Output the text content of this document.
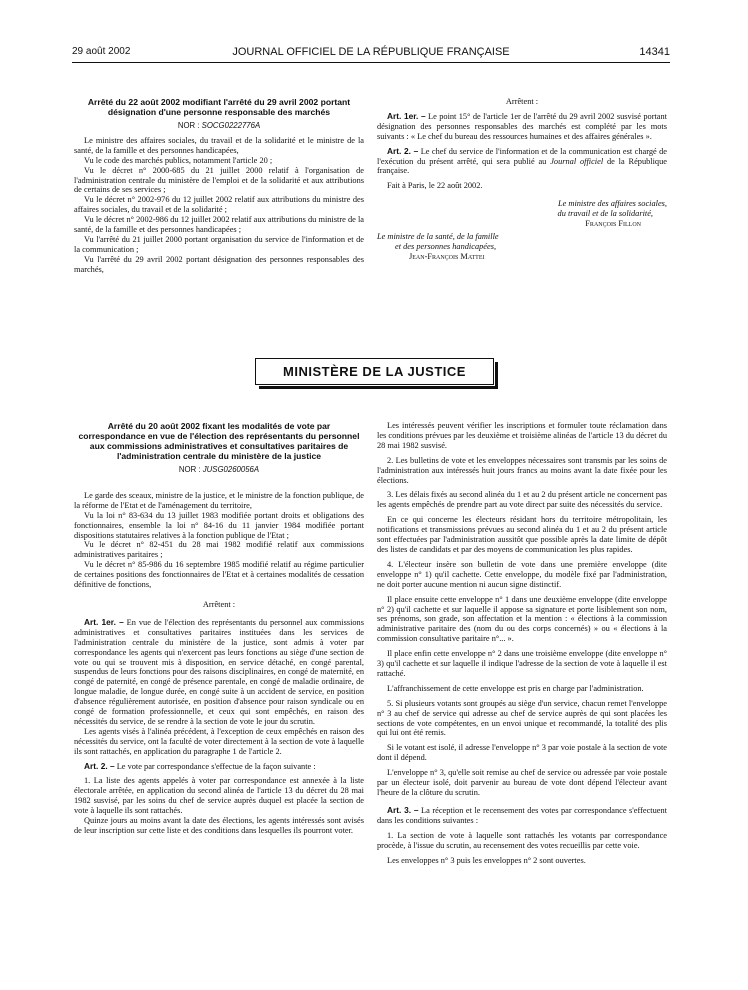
29 août 2002	JOURNAL OFFICIEL DE LA RÉPUBLIQUE FRANÇAISE	14341

Arrêté du 22 août 2002 modifiant l'arrêté du 29 avril 2002 portant désignation d'une personne responsable des marchés

NOR : SOCG0222776A

Le ministre des affaires sociales, du travail et de la solidarité et le ministre de la santé, de la famille et des personnes handicapées,

Vu le code des marchés publics, notamment l'article 20 ;

Vu le décret n° 2000-685 du 21 juillet 2000 relatif à l'organisation de l'administration centrale du ministère de l'emploi et de la solidarité et aux attributions de certains de ses services ;

Vu le décret n° 2002-976 du 12 juillet 2002 relatif aux attributions du ministre des affaires sociales, du travail et de la solidarité ;

Vu le décret n° 2002-986 du 12 juillet 2002 relatif aux attributions du ministre de la santé, de la famille et des personnes handicapées ;

Vu l'arrêté du 21 juillet 2000 portant organisation du service de l'information et de la communication ;

Vu l'arrêté du 29 avril 2002 portant désignation des personnes responsables des marchés,

Arrêtent :

Art. 1er. – Le point 15° de l'article 1er de l'arrêté du 29 avril 2002 susvisé portant désignation des personnes responsables des marchés est complété par les mots suivants : « Le chef du bureau des ressources humaines et des affaires générales ».

Art. 2. – Le chef du service de l'information et de la communication est chargé de l'exécution du présent arrêté, qui sera publié au Journal officiel de la République française.

Fait à Paris, le 22 août 2002.

Le ministre des affaires sociales,

du travail et de la solidarité,

François Fillon

Le ministre de la santé, de la famille

et des personnes handicapées,

Jean-François Mattei

MINISTÈRE DE LA JUSTICE

Arrêté du 20 août 2002 fixant les modalités de vote par correspondance en vue de l'élection des représentants du personnel aux commissions administratives et consultatives paritaires de l'administration centrale du ministère de la justice

NOR : JUSG0260056A

Le garde des sceaux, ministre de la justice, et le ministre de la fonction publique, de la réforme de l'Etat et de l'aménagement du territoire,

Vu la loi n° 83-634 du 13 juillet 1983 modifiée portant droits et obligations des fonctionnaires, ensemble la loi n° 84-16 du 11 janvier 1984 modifiée portant dispositions statutaires relatives à la fonction publique de l'Etat ;

Vu le décret n° 82-451 du 28 mai 1982 modifié relatif aux commissions administratives paritaires ;

Vu le décret n° 85-986 du 16 septembre 1985 modifié relatif au régime particulier de certaines positions des fonctionnaires de l'Etat et à certaines modalités de cessation définitive de fonctions,

Arrêtent :

Art. 1er. – En vue de l'élection des représentants du personnel aux commissions administratives et consultatives paritaires instituées dans les services de l'administration centrale du ministère de la justice, sont admis à voter par correspondance les agents qui n'exercent pas leurs fonctions au siège d'une section de vote ou qui se trouvent mis à disposition, en service détaché, en congé parental, suspendus de leurs fonctions pour des raisons disciplinaires, en congé de maternité, en congé de paternité, en congé de présence parentale, en congé de maladie ordinaire, de longue maladie, de longue durée, en congé suite à un accident de service, en position d'absence régulièrement autorisée, en position d'absence pour raison syndicale ou en congé de formation professionnelle, et ceux qui sont empêchés, en raison des nécessités du service, de se rendre à la section de vote le jour du scrutin.

Les agents visés à l'alinéa précédent, à l'exception de ceux empêchés en raison des nécessités du service, ont la faculté de voter directement à la section de vote à laquelle ils sont rattachés, en application du paragraphe 1 de l'article 2.

Art. 2. – Le vote par correspondance s'effectue de la façon suivante :

1. La liste des agents appelés à voter par correspondance est annexée à la liste électorale arrêtée, en application du second alinéa de l'article 13 du décret du 28 mai 1982 susvisé, par les soins du chef de service auprès duquel est placée la section de vote à laquelle ils sont rattachés.

Quinze jours au moins avant la date des élections, les agents intéressés sont avisés de leur inscription sur cette liste et des conditions dans lesquelles ils pourront voter.

Les intéressés peuvent vérifier les inscriptions et formuler toute réclamation dans les conditions prévues par les deuxième et troisième alinéas de l'article 13 du décret du 28 mai 1982 susvisé.

2. Les bulletins de vote et les enveloppes nécessaires sont transmis par les soins de l'administration aux intéressés huit jours francs au moins avant la date fixée pour les élections.

3. Les délais fixés au second alinéa du 1 et au 2 du présent article ne concernent pas les agents empêchés de prendre part au vote direct par suite des nécessités du service.

En ce qui concerne les électeurs résidant hors du territoire métropolitain, les notifications et transmissions prévues au second alinéa du 1 et au 2 du présent article sont effectuées par l'administration aussitôt que possible après la date limite de dépôt des listes de candidats et par des moyens de communication les plus rapides.

4. L'électeur insère son bulletin de vote dans une première enveloppe (dite enveloppe n° 1) qu'il cachette. Cette enveloppe, du modèle fixé par l'administration, ne doit porter aucune mention ni aucun signe distinctif.

Il place ensuite cette enveloppe n° 1 dans une deuxième enveloppe (dite enveloppe n° 2) qu'il cachette et sur laquelle il appose sa signature et porte lisiblement son nom, ses prénoms, son grade, son affectation et la mention : « élections à la commission administrative paritaire des (nom du ou des corps concernés) » ou « élections à la commission consultative paritaire n°... ».

Il place enfin cette enveloppe n° 2 dans une troisième enveloppe (dite enveloppe n° 3) qu'il cachette et sur laquelle il indique l'adresse de la section de vote à laquelle il est rattaché.

L'affranchissement de cette enveloppe est pris en charge par l'administration.

5. Si plusieurs votants sont groupés au siège d'un service, chacun remet l'enveloppe n° 3 au chef de service qui adresse au chef de service auprès de qui sont placées les sections de vote compétentes, en un envoi unique et recommandé, la totalité des plis qui lui ont été remis.

Si le votant est isolé, il adresse l'enveloppe n° 3 par voie postale à la section de vote dont il dépend.

L'enveloppe n° 3, qu'elle soit remise au chef de service ou adressée par voie postale par un électeur isolé, doit parvenir au bureau de vote dont dépend l'électeur avant l'heure de la clôture du scrutin.

Art. 3. – La réception et le recensement des votes par correspondance s'effectuent dans les conditions suivantes :

1. La section de vote à laquelle sont rattachés les votants par correspondance procède, à l'issue du scrutin, au recensement des votes recueillis par cette voie.

Les enveloppes n° 3 puis les enveloppes n° 2 sont ouvertes.
